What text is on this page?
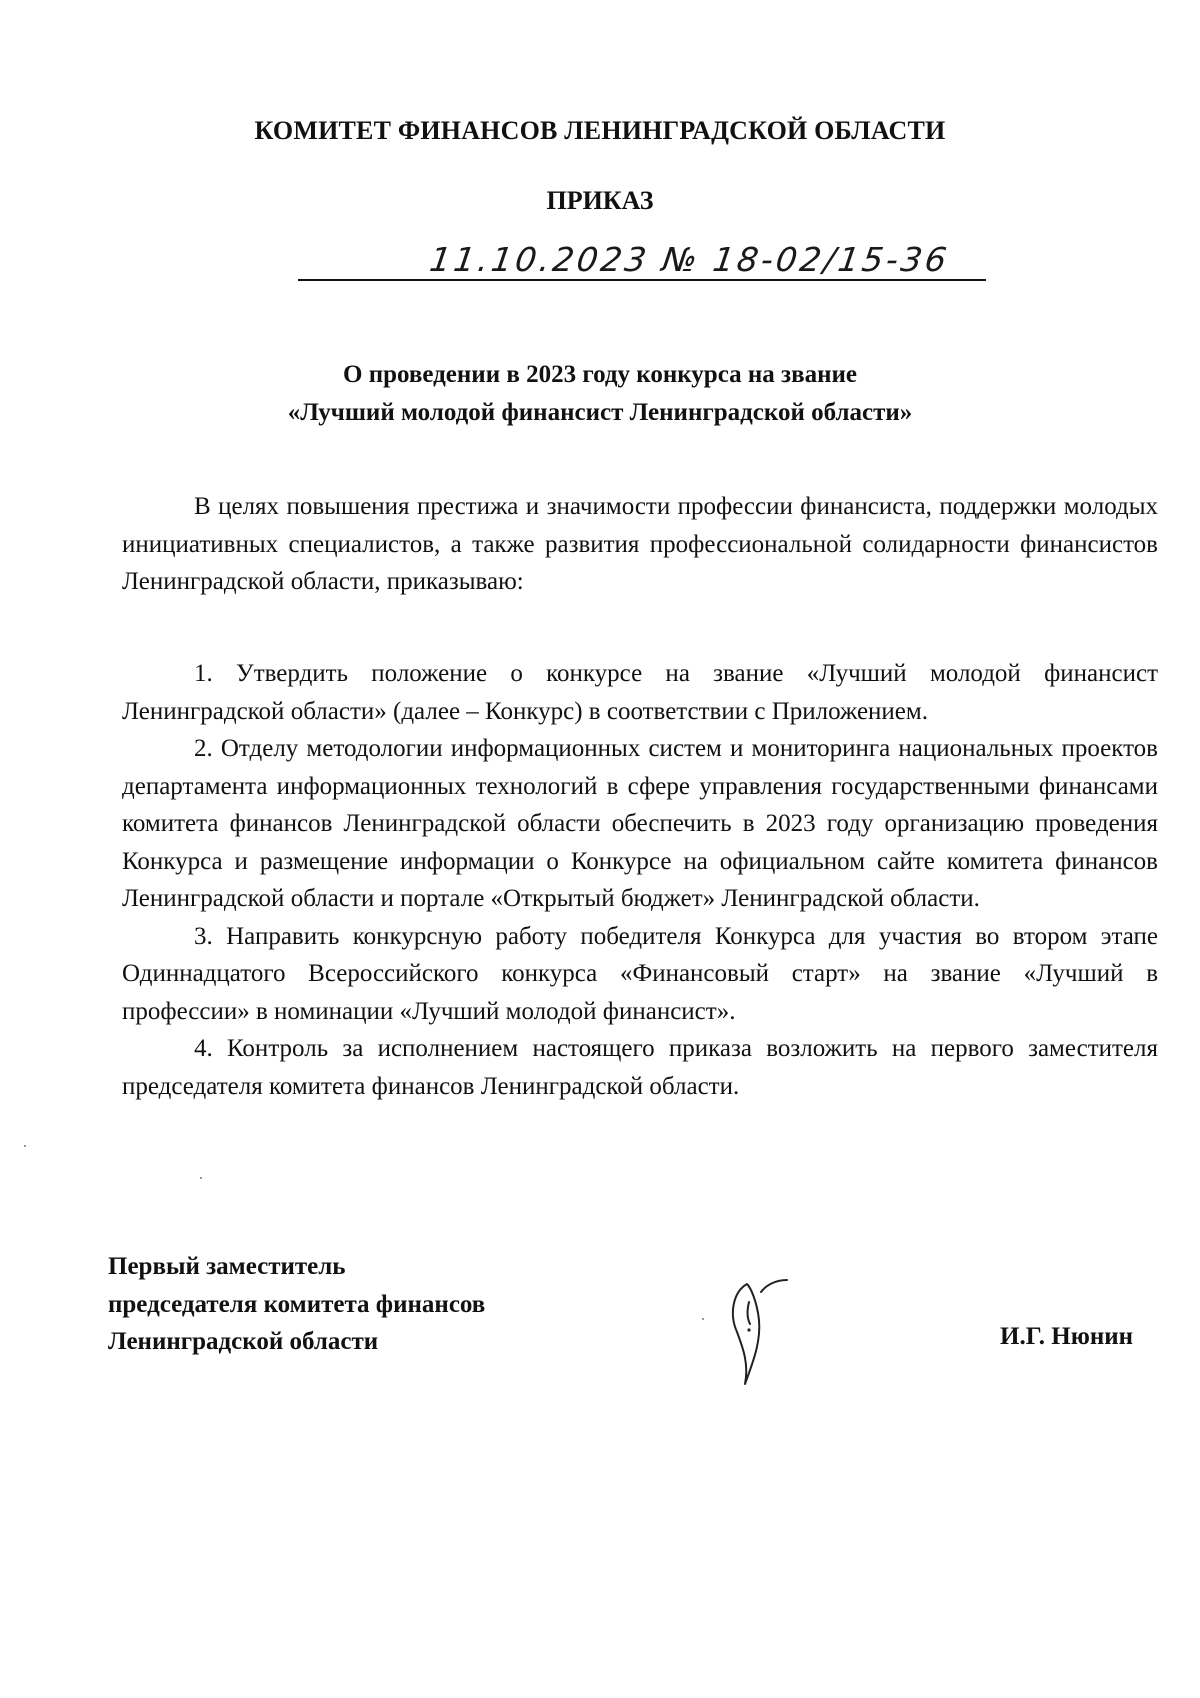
КОМИТЕТ ФИНАНСОВ ЛЕНИНГРАДСКОЙ ОБЛАСТИ
ПРИКАЗ
11.10.2023 № 18-02/15-36
О проведении в 2023 году конкурса на звание
«Лучший молодой финансист Ленинградской области»

В целях повышения престижа и значимости профессии финансиста, поддержки молодых инициативных специалистов, а также развития профессиональной солидарности финансистов Ленинградской области, приказываю:

1. Утвердить положение о конкурсе на звание «Лучший молодой финансист Ленинградской области» (далее – Конкурс) в соответствии с Приложением.

2. Отделу методологии информационных систем и мониторинга национальных проектов департамента информационных технологий в сфере управления государственными финансами комитета финансов Ленинградской области обеспечить в 2023 году организацию проведения Конкурса и размещение информации о Конкурсе на официальном сайте комитета финансов Ленинградской области и портале «Открытый бюджет» Ленинградской области.

3. Направить конкурсную работу победителя Конкурса для участия во втором этапе Одиннадцатого Всероссийского конкурса «Финансовый старт» на звание «Лучший в профессии» в номинации «Лучший молодой финансист».

4. Контроль за исполнением настоящего приказа возложить на первого заместителя председателя комитета финансов Ленинградской области.

Первый заместитель
председателя комитета финансов
Ленинградской области	И.Г. Нюнин
